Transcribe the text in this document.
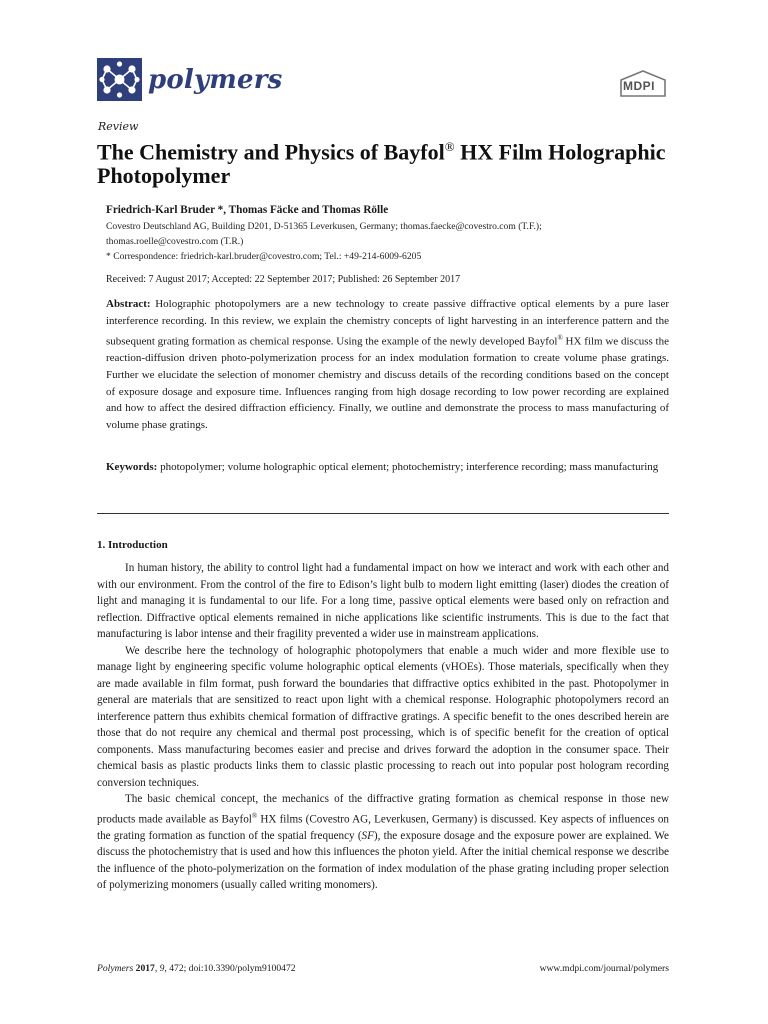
polymers	MDPI
Review
The Chemistry and Physics of Bayfol® HX Film Holographic Photopolymer
Friedrich-Karl Bruder *, Thomas Fäcke and Thomas Rölle
Covestro Deutschland AG, Building D201, D-51365 Leverkusen, Germany; thomas.faecke@covestro.com (T.F.);
thomas.roelle@covestro.com (T.R.)
* Correspondence: friedrich-karl.bruder@covestro.com; Tel.: +49-214-6009-6205
Received: 7 August 2017; Accepted: 22 September 2017; Published: 26 September 2017

Abstract: Holographic photopolymers are a new technology to create passive diffractive optical elements by a pure laser interference recording. In this review, we explain the chemistry concepts of light harvesting in an interference pattern and the subsequent grating formation as chemical response. Using the example of the newly developed Bayfol® HX film we discuss the reaction-diffusion driven photo-polymerization process for an index modulation formation to create volume phase gratings. Further we elucidate the selection of monomer chemistry and discuss details of the recording conditions based on the concept of exposure dosage and exposure time. Influences ranging from high dosage recording to low power recording are explained and how to affect the desired diffraction efficiency. Finally, we outline and demonstrate the process to mass manufacturing of volume phase gratings.

Keywords: photopolymer; volume holographic optical element; photochemistry; interference recording; mass manufacturing

1. Introduction

In human history, the ability to control light had a fundamental impact on how we interact and work with each other and with our environment. From the control of the fire to Edison’s light bulb to modern light emitting (laser) diodes the creation of light and managing it is fundamental to our life. For a long time, passive optical elements were based only on refraction and reflection. Diffractive optical elements remained in niche applications like scientific instruments. This is due to the fact that manufacturing is labor intense and their fragility prevented a wider use in mainstream applications.

We describe here the technology of holographic photopolymers that enable a much wider and more flexible use to manage light by engineering specific volume holographic optical elements (vHOEs). Those materials, specifically when they are made available in film format, push forward the boundaries that diffractive optics exhibited in the past. Photopolymer in general are materials that are sensitized to react upon light with a chemical response. Holographic photopolymers record an interference pattern thus exhibits chemical formation of diffractive gratings. A specific benefit to the ones described herein are those that do not require any chemical and thermal post processing, which is of specific benefit for the creation of optical components. Mass manufacturing becomes easier and precise and drives forward the adoption in the consumer space. Their chemical basis as plastic products links them to classic plastic processing to reach out into popular post hologram recording conversion techniques.

The basic chemical concept, the mechanics of the diffractive grating formation as chemical response in those new products made available as Bayfol® HX films (Covestro AG, Leverkusen, Germany) is discussed. Key aspects of influences on the grating formation as function of the spatial frequency (SF), the exposure dosage and the exposure power are explained. We discuss the photochemistry that is used and how this influences the photon yield. After the initial chemical response we describe the influence of the photo-polymerization on the formation of index modulation of the phase grating including proper selection of polymerizing monomers (usually called writing monomers).

Polymers 2017, 9, 472; doi:10.3390/polym9100472	www.mdpi.com/journal/polymers
